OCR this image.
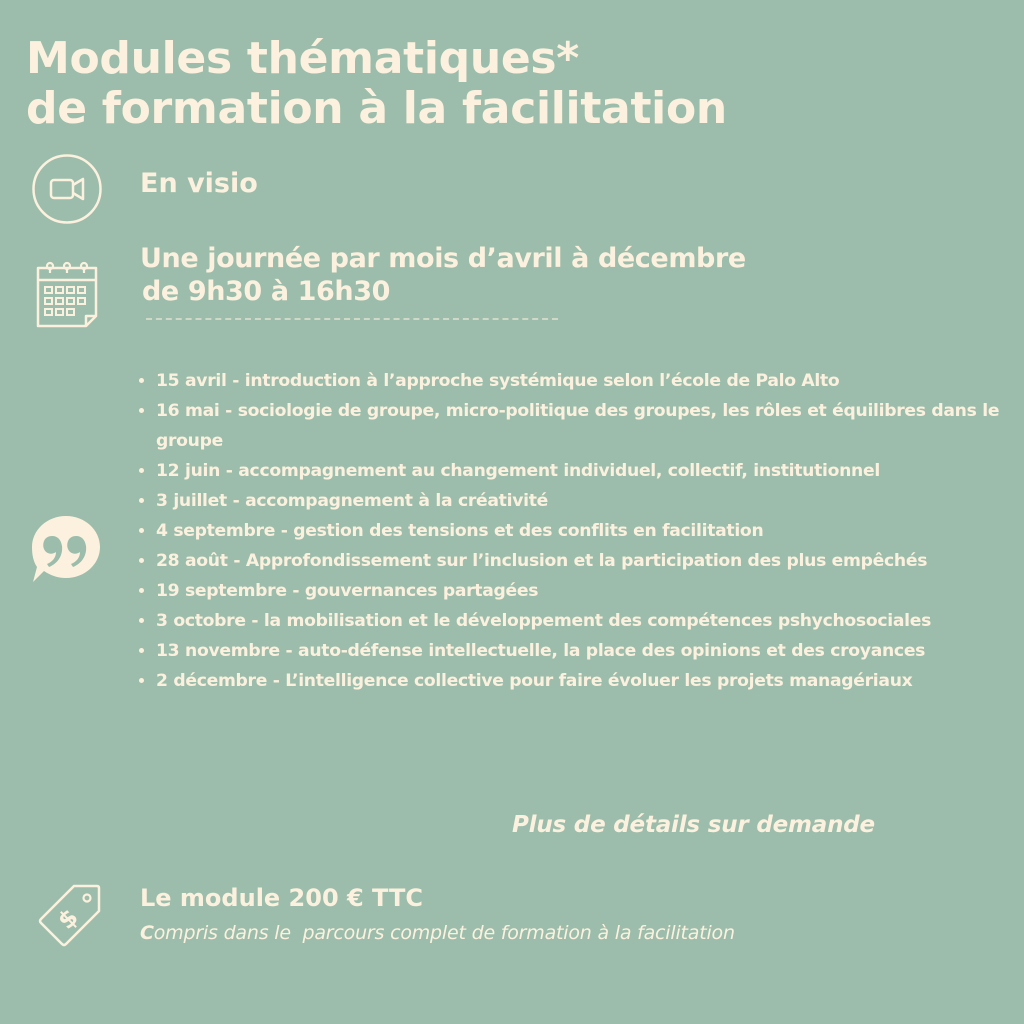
Modules thématiques*
de formation à la facilitation
En visio
Une journée par mois d’avril à décembre
de 9h30 à 16h30
• 15 avril - introduction à l’approche systémique selon l’école de Palo Alto
• 16 mai - sociologie de groupe, micro-politique des groupes, les rôles et équilibres dans le groupe
• 12 juin - accompagnement au changement individuel, collectif, institutionnel
• 3 juillet - accompagnement à la créativité
• 4 septembre - gestion des tensions et des conflits en facilitation
• 28 août - Approfondissement sur l’inclusion et la participation des plus empêchés
• 19 septembre - gouvernances partagées
• 3 octobre - la mobilisation et le développement des compétences pshychosociales
• 13 novembre - auto-défense intellectuelle, la place des opinions et des croyances
• 2 décembre - L’intelligence collective pour faire évoluer les projets managériaux
Plus de détails sur demande
$
Le module 200 € TTC
Compris dans le  parcours complet de formation à la facilitation
